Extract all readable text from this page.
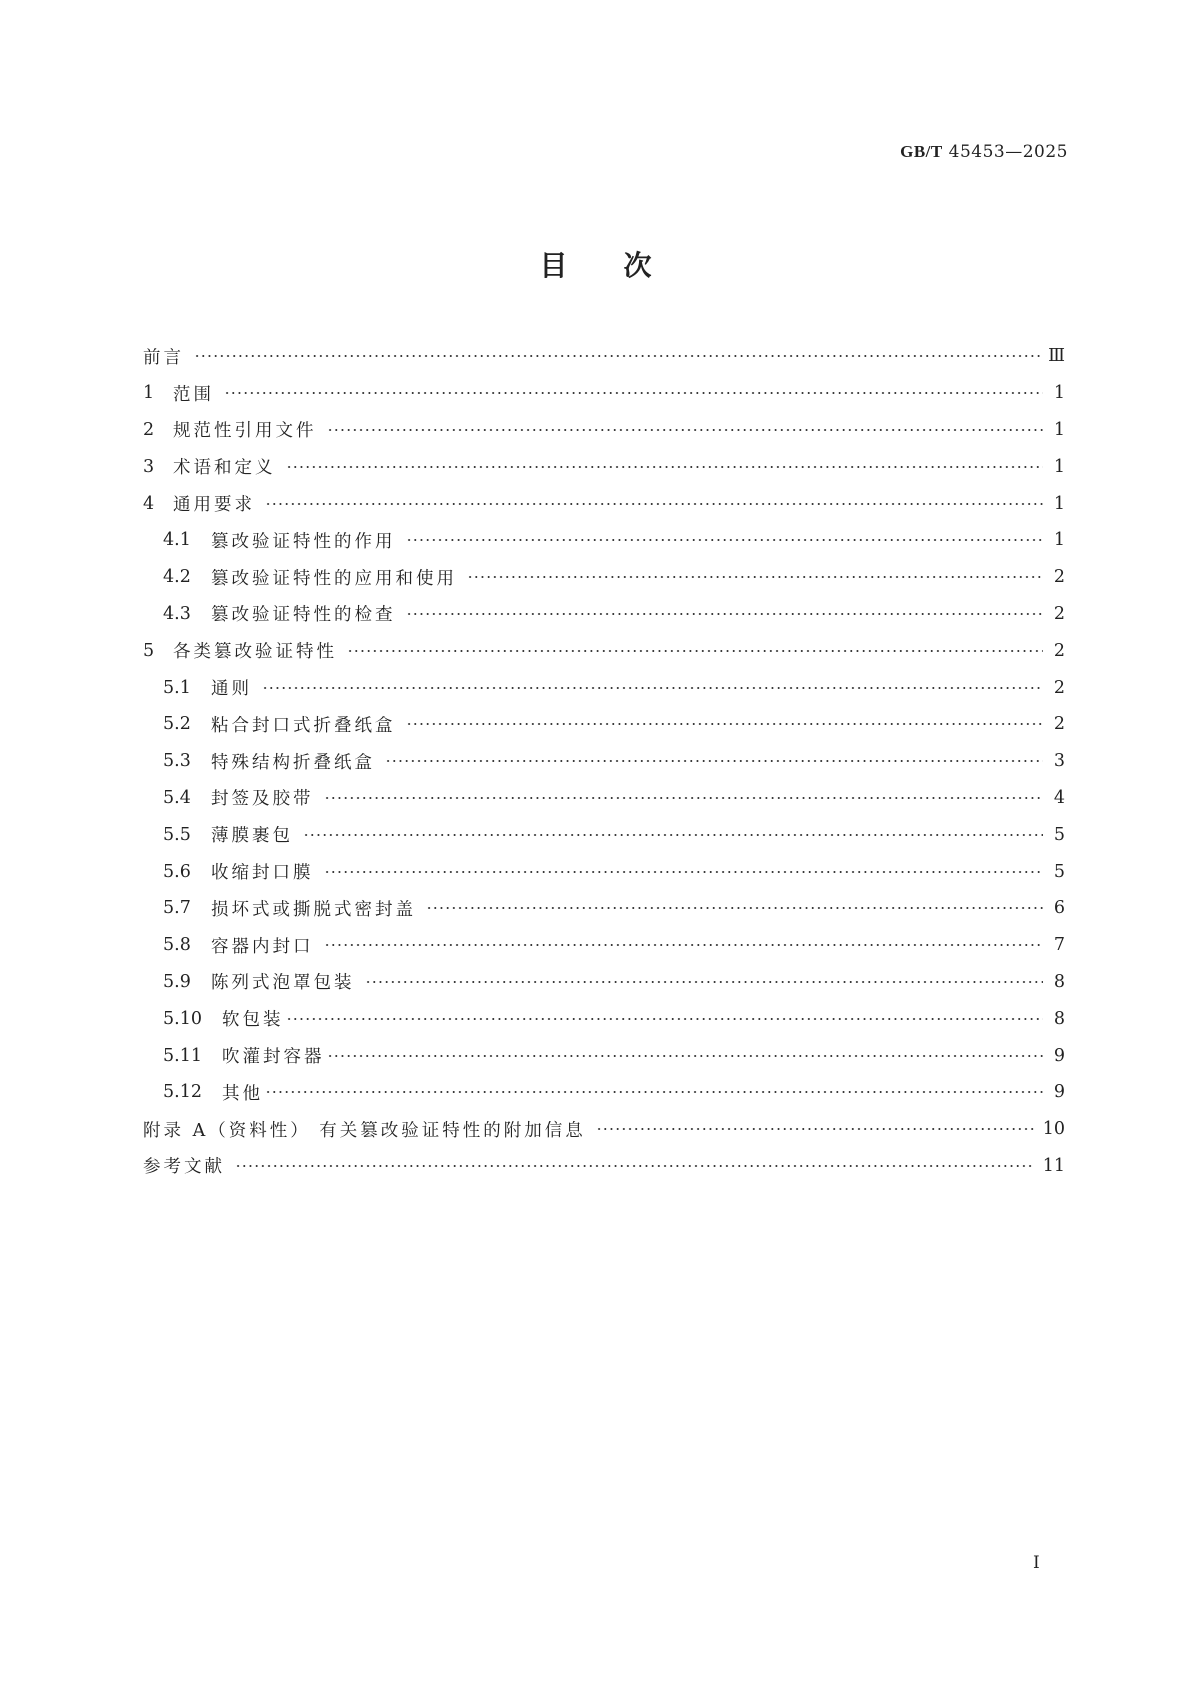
GB/T 45453—2025
目次
前言	Ⅲ
1	范围	1
2	规范性引用文件	1
3	术语和定义	1
4	通用要求	1
4.1	篡改验证特性的作用	1
4.2	篡改验证特性的应用和使用	2
4.3	篡改验证特性的检查	2
5	各类篡改验证特性	2
5.1	通则	2
5.2	粘合封口式折叠纸盒	2
5.3	特殊结构折叠纸盒	3
5.4	封签及胶带	4
5.5	薄膜裹包	5
5.6	收缩封口膜	5
5.7	损坏式或撕脱式密封盖	6
5.8	容器内封口	7
5.9	陈列式泡罩包装	8
5.10	软包装	8
5.11	吹灌封容器	9
5.12	其他	9
附录 A（资料性） 有关篡改验证特性的附加信息	10
参考文献	11
I
